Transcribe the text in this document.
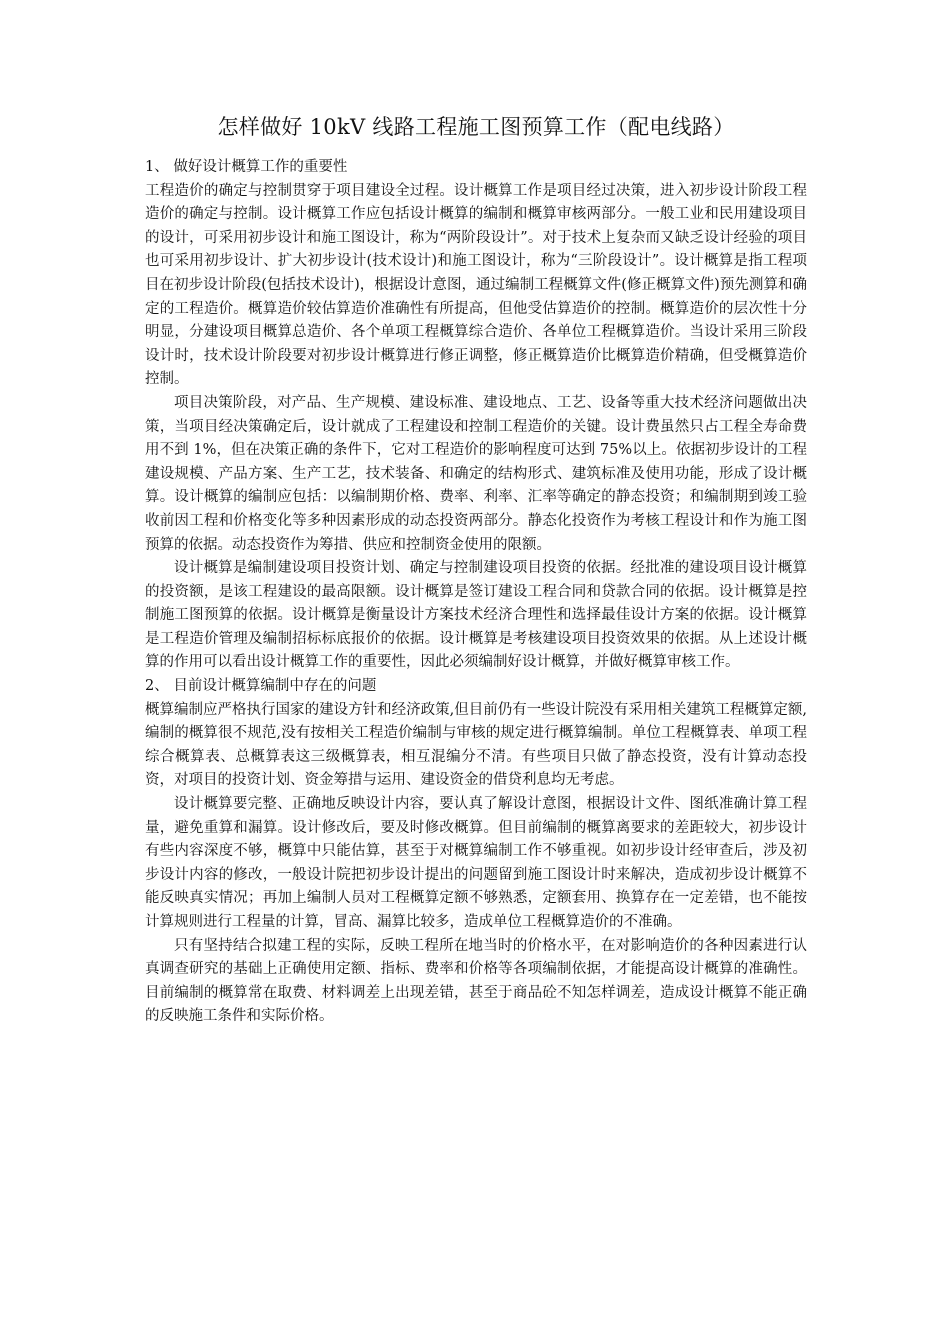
怎样做好 10kV 线路工程施工图预算工作（配电线路）

1、 做好设计概算工作的重要性

工程造价的确定与控制贯穿于项目建设全过程。设计概算工作是项目经过决策，进入初步设计阶段工程造价的确定与控制。设计概算工作应包括设计概算的编制和概算审核两部分。一般工业和民用建设项目的设计，可采用初步设计和施工图设计，称为“两阶段设计”。对于技术上复杂而又缺乏设计经验的项目也可采用初步设计、扩大初步设计(技术设计)和施工图设计，称为“三阶段设计”。设计概算是指工程项目在初步设计阶段(包括技术设计)，根据设计意图，通过编制工程概算文件(修正概算文件)预先测算和确定的工程造价。概算造价较估算造价准确性有所提高，但他受估算造价的控制。概算造价的层次性十分明显，分建设项目概算总造价、各个单项工程概算综合造价、各单位工程概算造价。当设计采用三阶段设计时，技术设计阶段要对初步设计概算进行修正调整，修正概算造价比概算造价精确，但受概算造价控制。

项目决策阶段，对产品、生产规模、建设标准、建设地点、工艺、设备等重大技术经济问题做出决策，当项目经决策确定后，设计就成了工程建设和控制工程造价的关键。设计费虽然只占工程全寿命费用不到 1%，但在决策正确的条件下，它对工程造价的影响程度可达到 75%以上。依据初步设计的工程建设规模、产品方案、生产工艺，技术装备、和确定的结构形式、建筑标准及使用功能，形成了设计概算。设计概算的编制应包括：以编制期价格、费率、利率、汇率等确定的静态投资；和编制期到竣工验收前因工程和价格变化等多种因素形成的动态投资两部分。静态化投资作为考核工程设计和作为施工图预算的依据。动态投资作为筹措、供应和控制资金使用的限额。

设计概算是编制建设项目投资计划、确定与控制建设项目投资的依据。经批准的建设项目设计概算的投资额，是该工程建设的最高限额。设计概算是签订建设工程合同和贷款合同的依据。设计概算是控制施工图预算的依据。设计概算是衡量设计方案技术经济合理性和选择最佳设计方案的依据。设计概算是工程造价管理及编制招标标底报价的依据。设计概算是考核建设项目投资效果的依据。从上述设计概算的作用可以看出设计概算工作的重要性，因此必须编制好设计概算，并做好概算审核工作。

2、 目前设计概算编制中存在的问题

概算编制应严格执行国家的建设方针和经济政策,但目前仍有一些设计院没有采用相关建筑工程概算定额,编制的概算很不规范,没有按相关工程造价编制与审核的规定进行概算编制。单位工程概算表、单项工程综合概算表、总概算表这三级概算表，相互混编分不清。有些项目只做了静态投资，没有计算动态投资，对项目的投资计划、资金筹措与运用、建设资金的借贷利息均无考虑。

设计概算要完整、正确地反映设计内容，要认真了解设计意图，根据设计文件、图纸准确计算工程量，避免重算和漏算。设计修改后，要及时修改概算。但目前编制的概算离要求的差距较大，初步设计有些内容深度不够，概算中只能估算，甚至于对概算编制工作不够重视。如初步设计经审查后，涉及初步设计内容的修改，一般设计院把初步设计提出的问题留到施工图设计时来解决，造成初步设计概算不能反映真实情况；再加上编制人员对工程概算定额不够熟悉，定额套用、换算存在一定差错，也不能按计算规则进行工程量的计算，冒高、漏算比较多，造成单位工程概算造价的不准确。

只有坚持结合拟建工程的实际，反映工程所在地当时的价格水平，在对影响造价的各种因素进行认真调查研究的基础上正确使用定额、指标、费率和价格等各项编制依据，才能提高设计概算的准确性。目前编制的概算常在取费、材料调差上出现差错，甚至于商品砼不知怎样调差，造成设计概算不能正确的反映施工条件和实际价格。
